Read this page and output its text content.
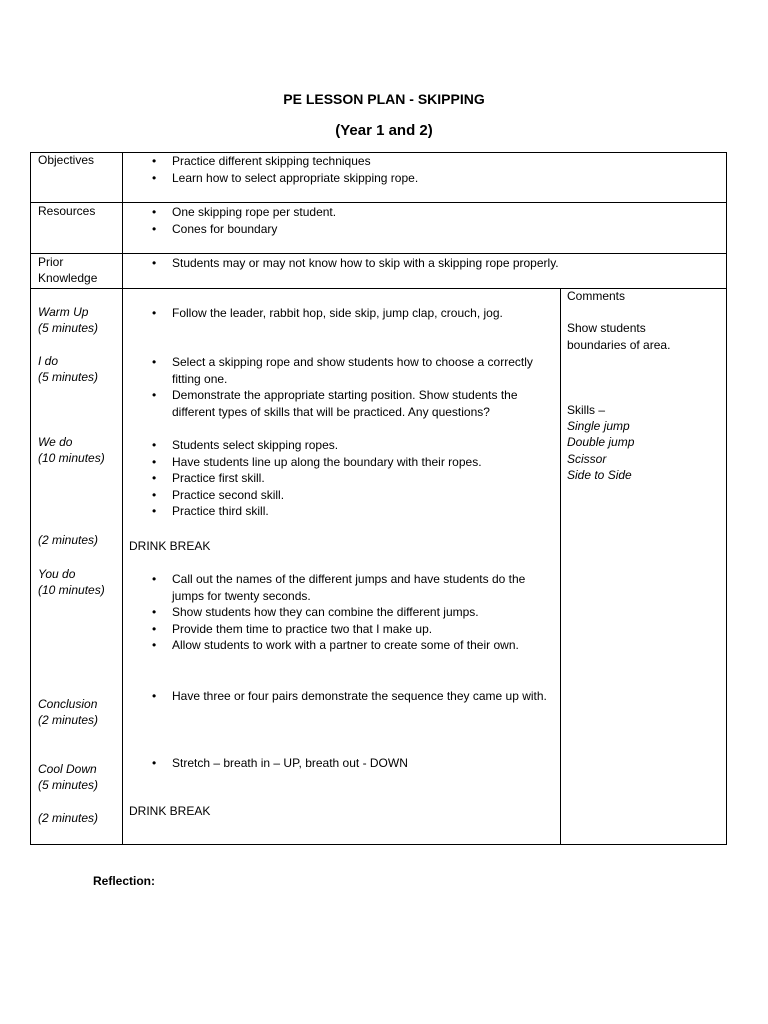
PE LESSON PLAN - SKIPPING
(Year 1 and 2)
Objectives	• Practice different skipping techniques
• Learn how to select appropriate skipping rope.
Resources	• One skipping rope per student.
• Cones for boundary
Prior
Knowledge
• Students may or may not know how to skip with a skipping rope properly.
Warm Up
(5 minutes)
I do
(5 minutes)
We do
(10 minutes)
(2 minutes)
You do
(10 minutes)
Conclusion
(2 minutes)
Cool Down
(5 minutes)
(2 minutes)
• Follow the leader, rabbit hop, side skip, jump clap, crouch, jog.
• Select a skipping rope and show students how to choose a correctly fitting one.
• Demonstrate the appropriate starting position. Show students the different types of skills that will be practiced. Any questions?
• Students select skipping ropes.
• Have students line up along the boundary with their ropes.
• Practice first skill.
• Practice second skill.
• Practice third skill.
DRINK BREAK
• Call out the names of the different jumps and have students do the jumps for twenty seconds.
• Show students how they can combine the different jumps.
• Provide them time to practice two that I make up.
• Allow students to work with a partner to create some of their own.
• Have three or four pairs demonstrate the sequence they came up with.
• Stretch – breath in – UP, breath out - DOWN
DRINK BREAK
Comments
Show students
boundaries of area.
Skills –
Single jump
Double jump
Scissor
Side to Side
Reflection:
